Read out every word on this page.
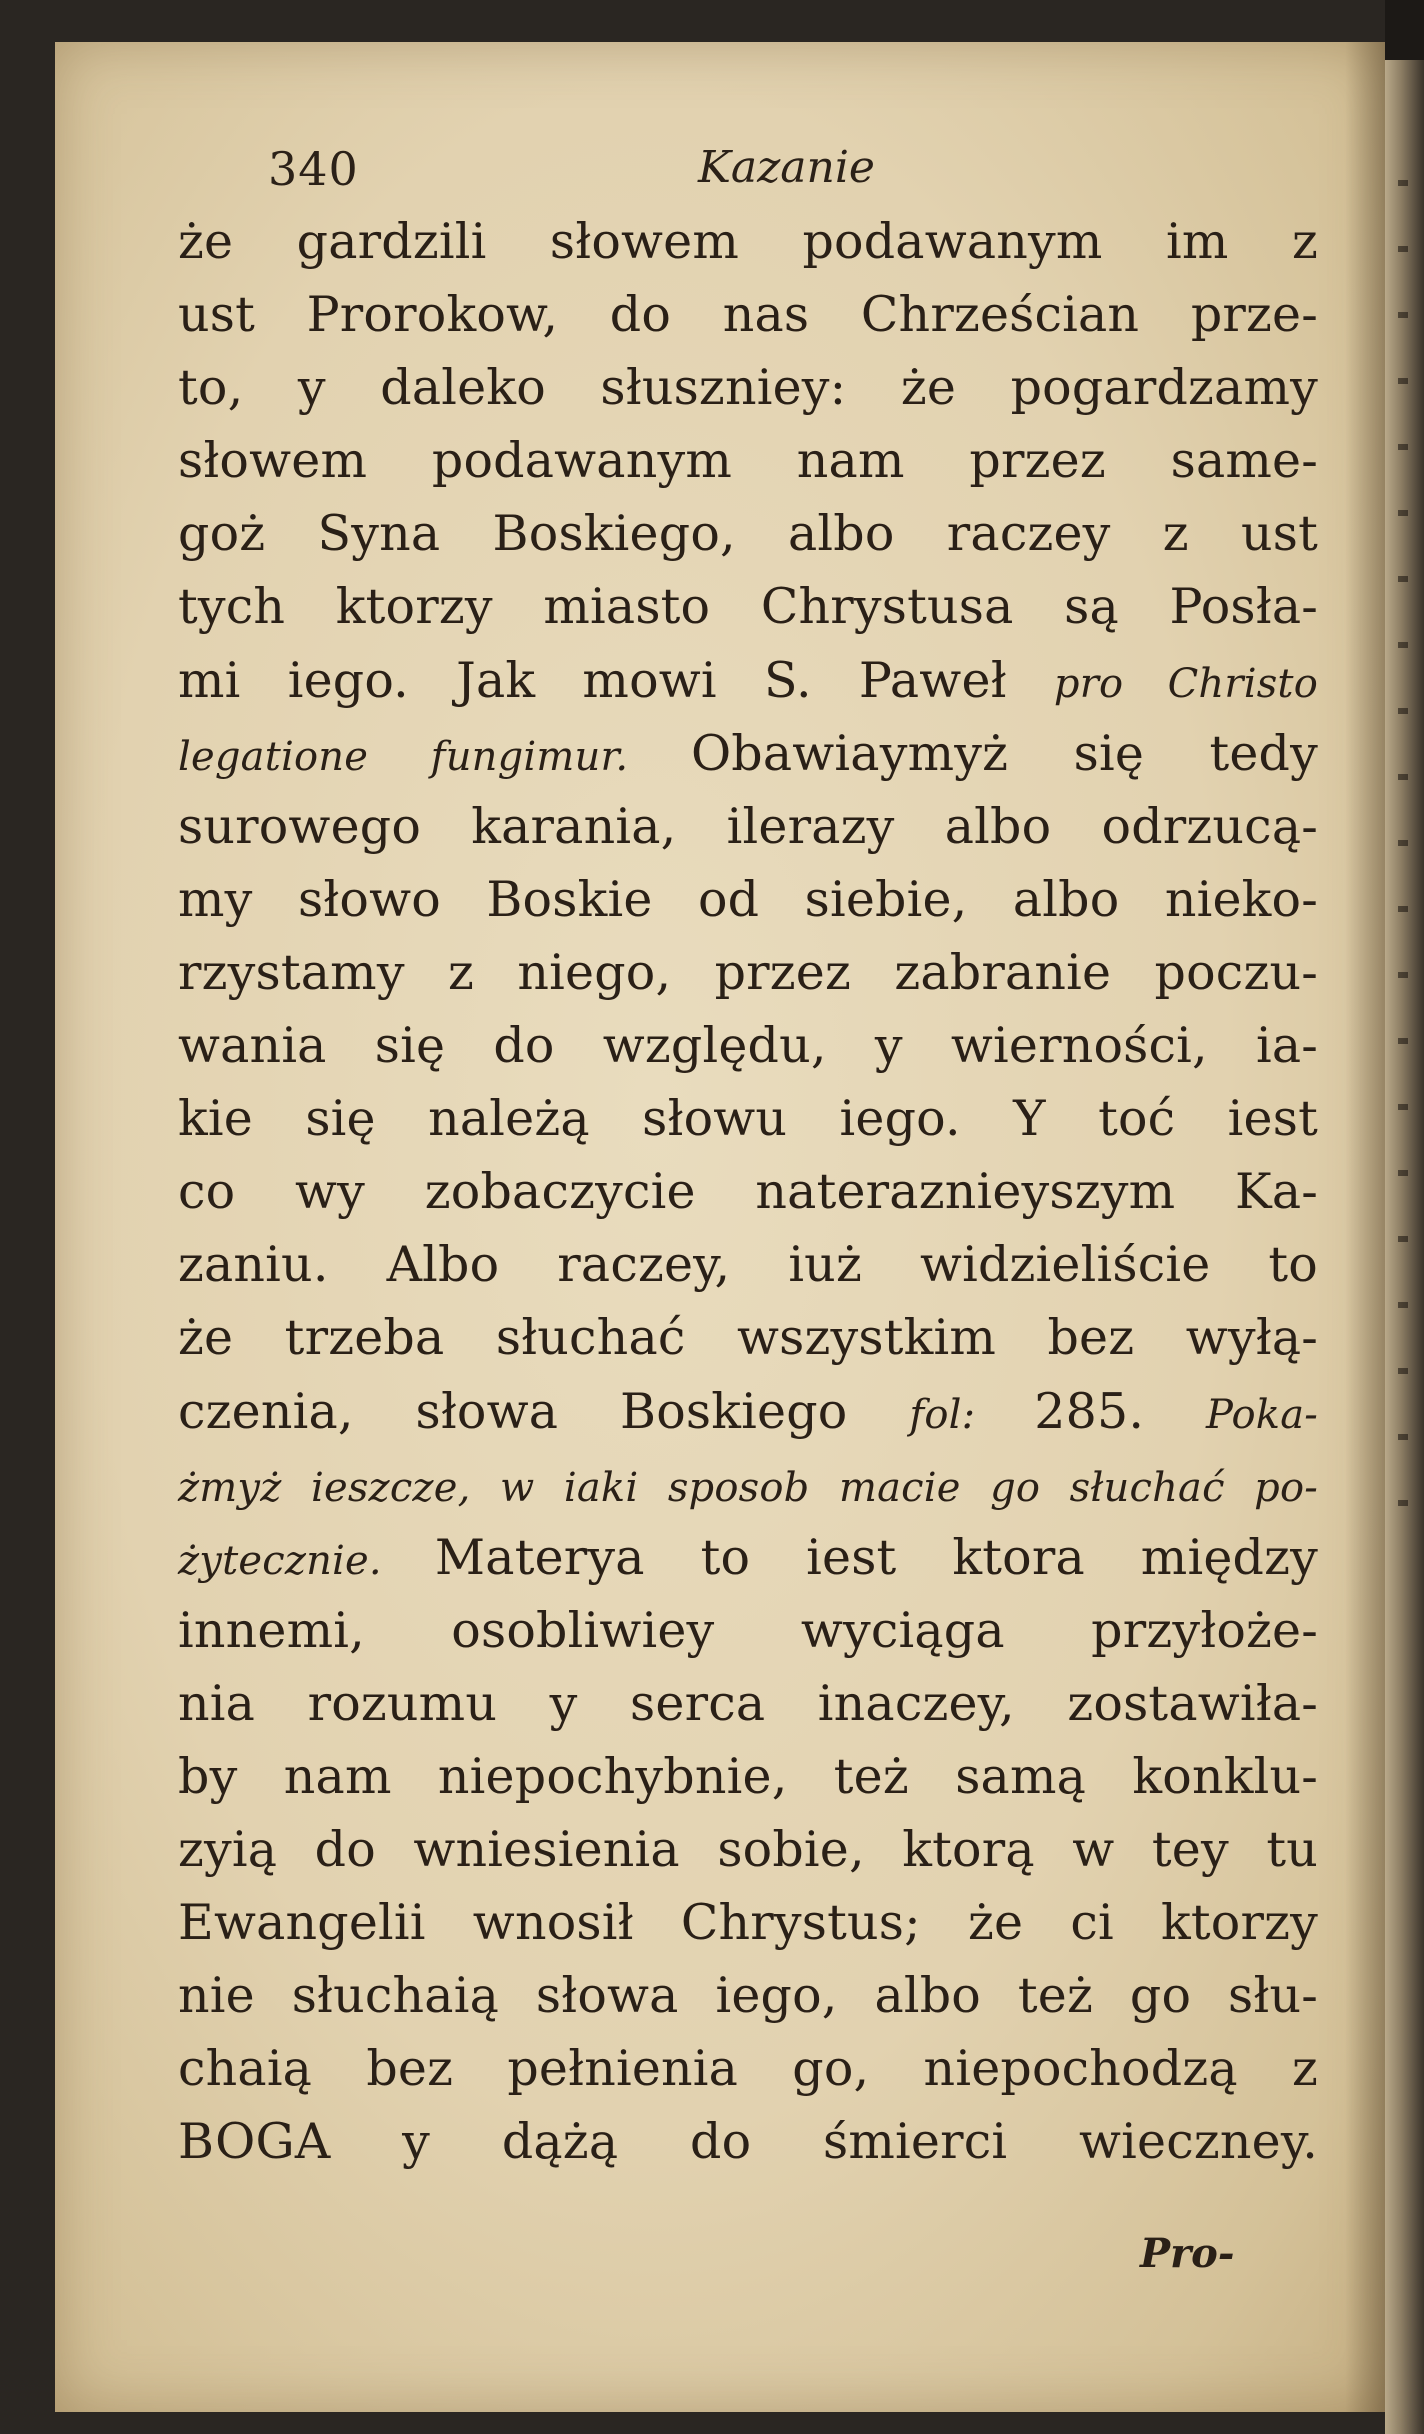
340	Kazanie
że gardzili słowem podawanym im z
ust Prorokow, do nas Chrześcian prze-
to, y daleko słuszniey: że pogardzamy
słowem podawanym nam przez same-
goż Syna Boskiego, albo raczey z ust
tych ktorzy miasto Chrystusa są Posła-
mi iego. Jak mowi S. Paweł pro Christo
legatione fungimur. Obawiaymyż się tedy
surowego karania, ilerazy albo odrzucą-
my słowo Boskie od siebie, albo nieko-
rzystamy z niego, przez zabranie poczu-
wania się do względu, y wierności, ia-
kie się należą słowu iego. Y toć iest
co wy zobaczycie nateraznieyszym Ka-
zaniu. Albo raczey, iuż widzieliście to
że trzeba słuchać wszystkim bez wyłą-
czenia, słowa Boskiego fol: 285. Poka-
żmyż ieszcze, w iaki sposob macie go słuchać po-
żytecznie. Materya to iest ktora między
innemi, osobliwiey wyciąga przyłoże-
nia rozumu y serca inaczey, zostawiła-
by nam niepochybnie, też samą konklu-
zyią do wniesienia sobie, ktorą w tey tu
Ewangelii wnosił Chrystus; że ci ktorzy
nie słuchaią słowa iego, albo też go słu-
chaią bez pełnienia go, niepochodzą z
BOGA y dążą do śmierci wieczney.
Pro-
